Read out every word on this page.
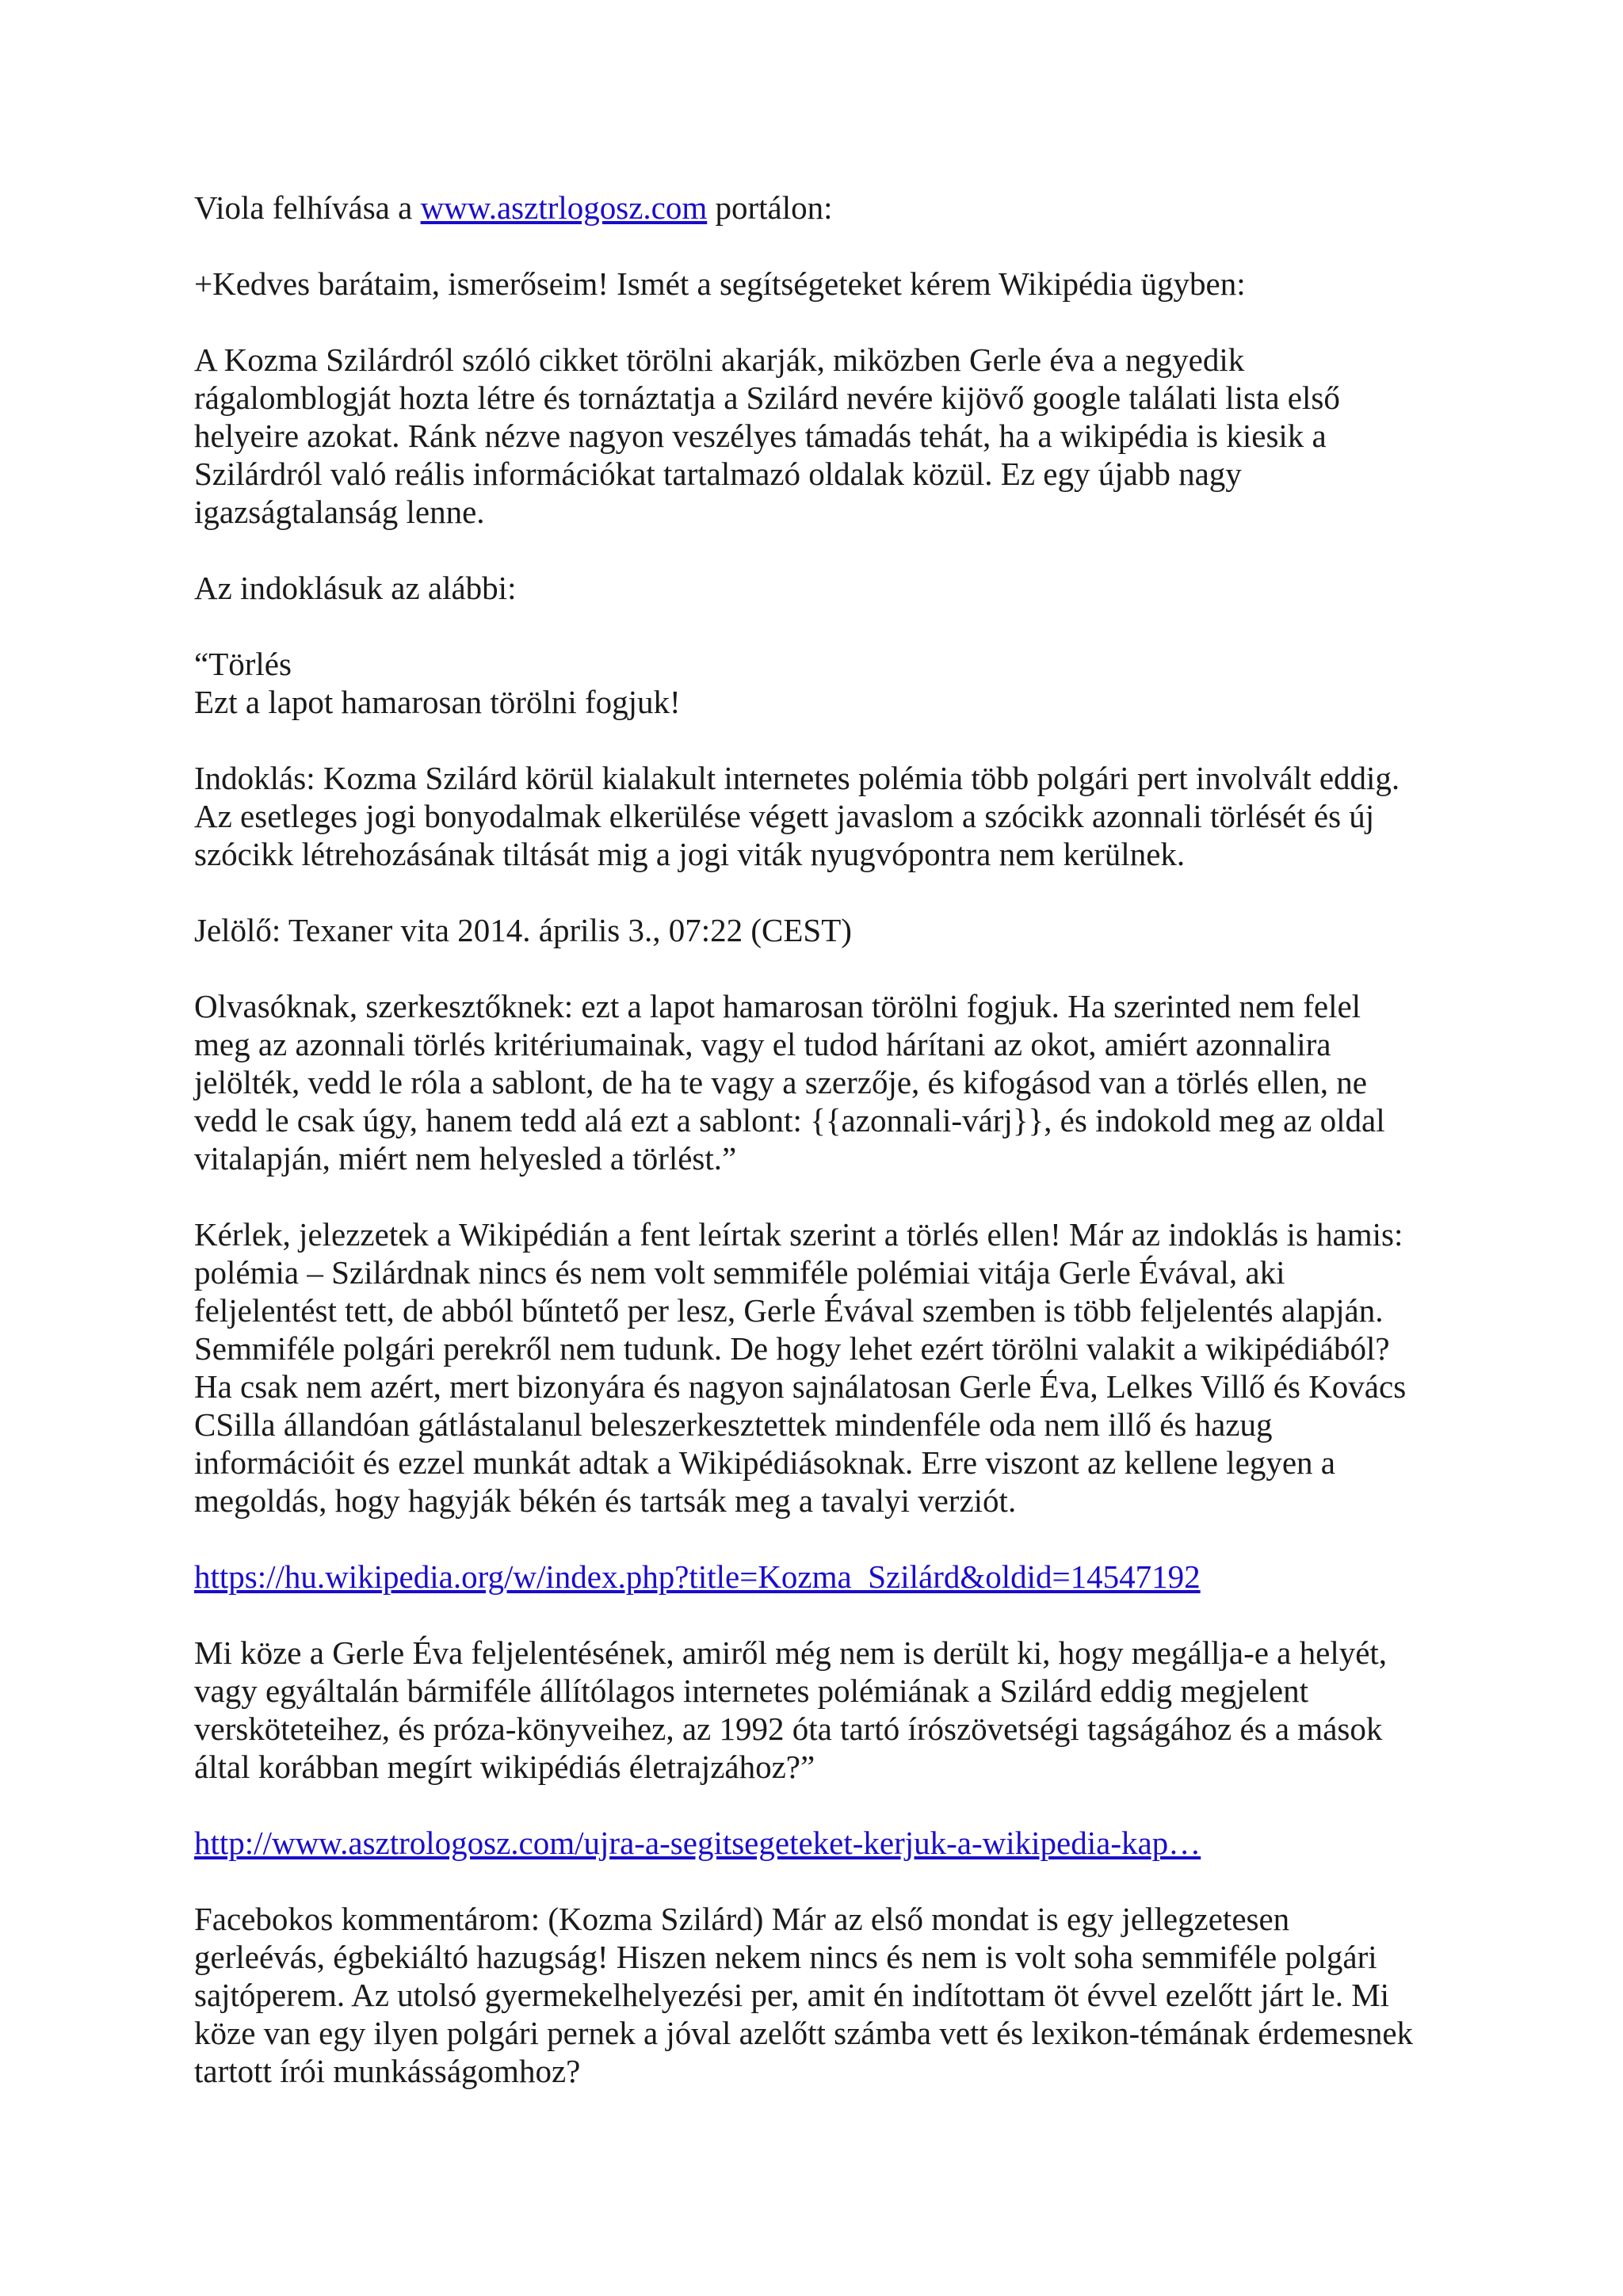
Viola felhívása a www.asztrlogosz.com portálon:

+Kedves barátaim, ismerőseim! Ismét a segítségeteket kérem Wikipédia ügyben:

A Kozma Szilárdról szóló cikket törölni akarják, miközben Gerle éva a negyedik
rágalomblogját hozta létre és tornáztatja a Szilárd nevére kijövő google találati lista első
helyeire azokat. Ránk nézve nagyon veszélyes támadás tehát, ha a wikipédia is kiesik a
Szilárdról való reális információkat tartalmazó oldalak közül. Ez egy újabb nagy
igazságtalanság lenne.

Az indoklásuk az alábbi:

“Törlés
Ezt a lapot hamarosan törölni fogjuk!

Indoklás: Kozma Szilárd körül kialakult internetes polémia több polgári pert involvált eddig.
Az esetleges jogi bonyodalmak elkerülése végett javaslom a szócikk azonnali törlését és új
szócikk létrehozásának tiltását mig a jogi viták nyugvópontra nem kerülnek.

Jelölő: Texaner vita 2014. április 3., 07:22 (CEST)

Olvasóknak, szerkesztőknek: ezt a lapot hamarosan törölni fogjuk. Ha szerinted nem felel
meg az azonnali törlés kritériumainak, vagy el tudod hárítani az okot, amiért azonnalira
jelölték, vedd le róla a sablont, de ha te vagy a szerzője, és kifogásod van a törlés ellen, ne
vedd le csak úgy, hanem tedd alá ezt a sablont: {{azonnali-várj}}, és indokold meg az oldal
vitalapján, miért nem helyesled a törlést.”

Kérlek, jelezzetek a Wikipédián a fent leírtak szerint a törlés ellen! Már az indoklás is hamis:
polémia – Szilárdnak nincs és nem volt semmiféle polémiai vitája Gerle Évával, aki
feljelentést tett, de abból bűntető per lesz, Gerle Évával szemben is több feljelentés alapján.
Semmiféle polgári perekről nem tudunk. De hogy lehet ezért törölni valakit a wikipédiából?
Ha csak nem azért, mert bizonyára és nagyon sajnálatosan Gerle Éva, Lelkes Villő és Kovács
CSilla állandóan gátlástalanul beleszerkesztettek mindenféle oda nem illő és hazug
információit és ezzel munkát adtak a Wikipédiásoknak. Erre viszont az kellene legyen a
megoldás, hogy hagyják békén és tartsák meg a tavalyi verziót.

https://hu.wikipedia.org/w/index.php?title=Kozma_Szilárd&oldid=14547192

Mi köze a Gerle Éva feljelentésének, amiről még nem is derült ki, hogy megállja-e a helyét,
vagy egyáltalán bármiféle állítólagos internetes polémiának a Szilárd eddig megjelent
versköteteihez, és próza-könyveihez, az 1992 óta tartó írószövetségi tagságához és a mások
által korábban megírt wikipédiás életrajzához?”

http://www.asztrologosz.com/ujra-a-segitsegeteket-kerjuk-a-wikipedia-kap…

Facebokos kommentárom: (Kozma Szilárd) Már az első mondat is egy jellegzetesen
gerleévás, égbekiáltó hazugság! Hiszen nekem nincs és nem is volt soha semmiféle polgári
sajtóperem. Az utolsó gyermekelhelyezési per, amit én indítottam öt évvel ezelőtt járt le. Mi
köze van egy ilyen polgári pernek a jóval azelőtt számba vett és lexikon-témának érdemesnek
tartott írói munkásságomhoz?
